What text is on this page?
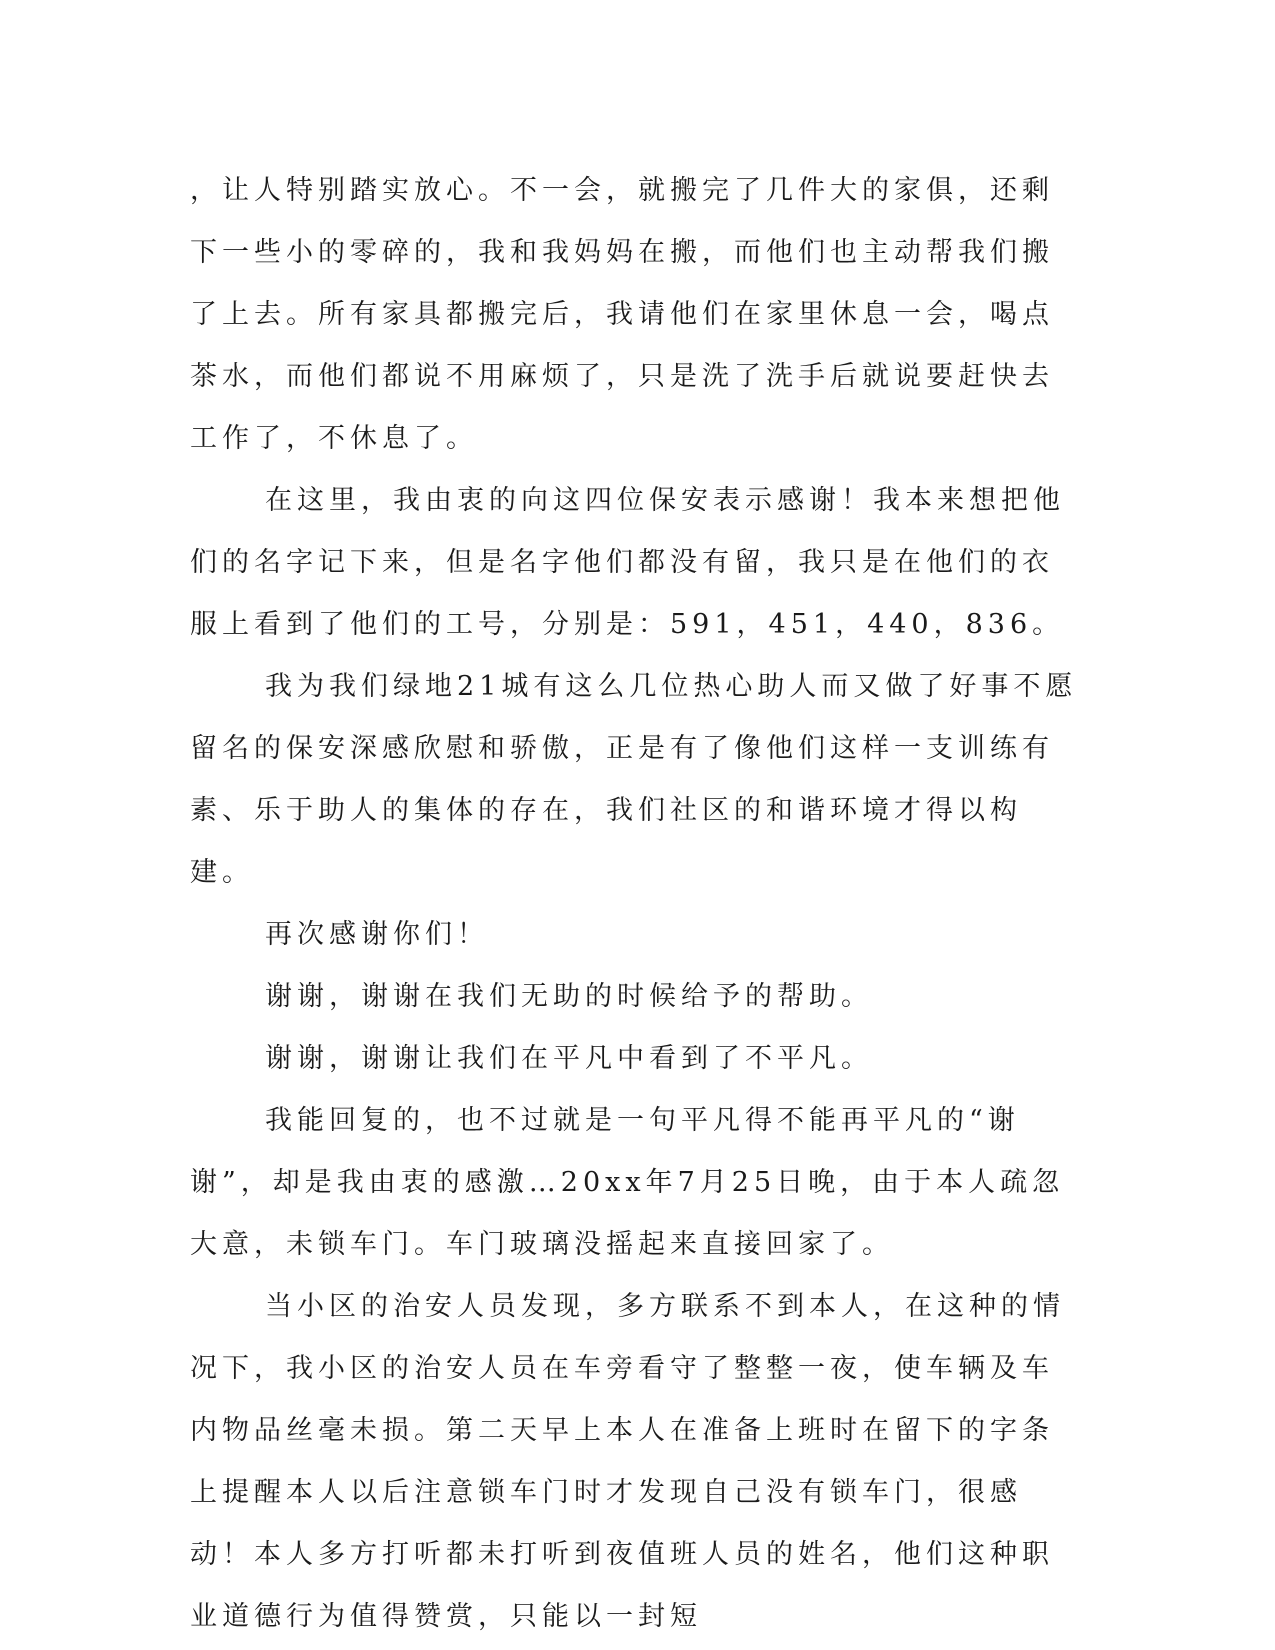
，让人特别踏实放心。不一会，就搬完了几件大的家俱，还剩下一些小的零碎的，我和我妈妈在搬，而他们也主动帮我们搬了上去。所有家具都搬完后，我请他们在家里休息一会，喝点茶水，而他们都说不用麻烦了，只是洗了洗手后就说要赶快去工作了，不休息了。

在这里，我由衷的向这四位保安表示感谢！我本来想把他们的名字记下来，但是名字他们都没有留，我只是在他们的衣服上看到了他们的工号，分别是：591，451，440，836。

我为我们绿地21城有这么几位热心助人而又做了好事不愿留名的保安深感欣慰和骄傲，正是有了像他们这样一支训练有素、乐于助人的集体的存在，我们社区的和谐环境才得以构建。

再次感谢你们！

谢谢，谢谢在我们无助的时候给予的帮助。

谢谢，谢谢让我们在平凡中看到了不平凡。

我能回复的，也不过就是一句平凡得不能再平凡的“谢谢”，却是我由衷的感激…20xx年7月25日晚，由于本人疏忽大意，未锁车门。车门玻璃没摇起来直接回家了。

当小区的治安人员发现，多方联系不到本人，在这种的情况下，我小区的治安人员在车旁看守了整整一夜，使车辆及车内物品丝毫未损。第二天早上本人在准备上班时在留下的字条上提醒本人以后注意锁车门时才发现自己没有锁车门，很感动！本人多方打听都未打听到夜值班人员的姓名，他们这种职业道德行为值得赞赏，只能以一封短
